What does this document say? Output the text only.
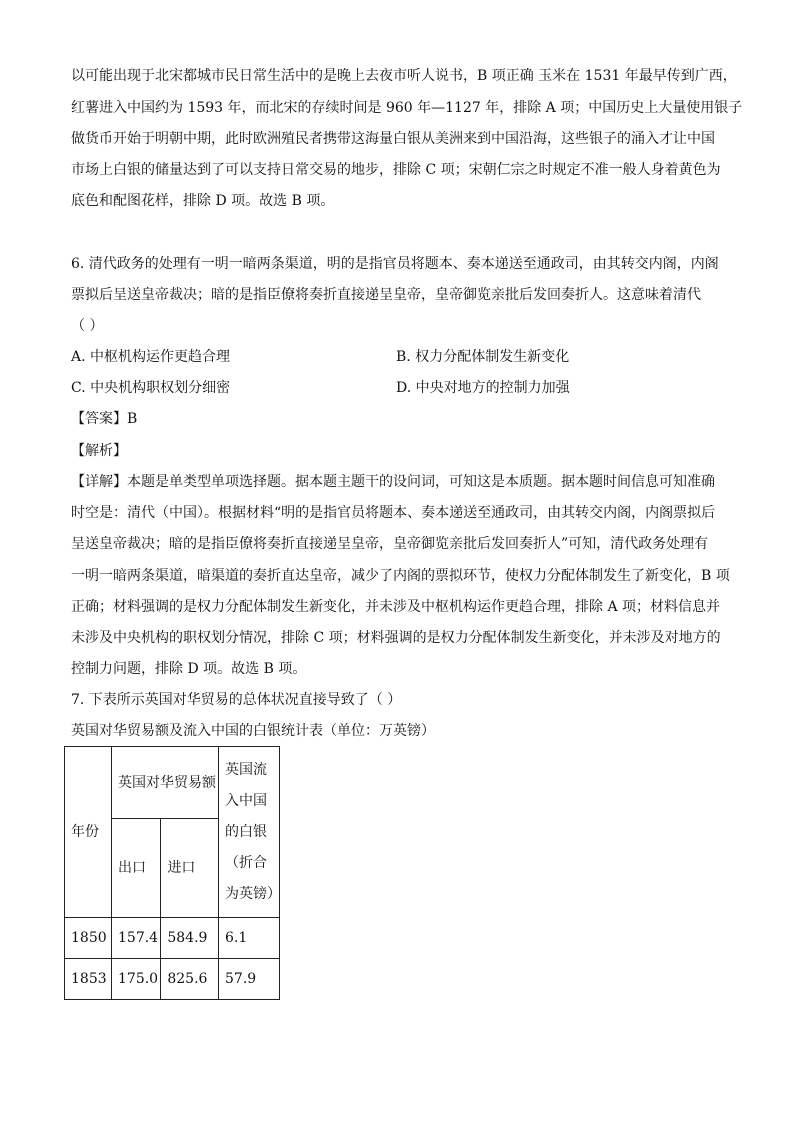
以可能出现于北宋都城市民日常生活中的是晚上去夜市听人说书，B 项正确 玉米在 1531 年最早传到广西，
红薯进入中国约为 1593 年，而北宋的存续时间是 960 年—1127 年，排除 A 项；中国历史上大量使用银子
做货币开始于明朝中期，此时欧洲殖民者携带这海量白银从美洲来到中国沿海，这些银子的涌入才让中国
市场上白银的储量达到了可以支持日常交易的地步，排除 C 项；宋朝仁宗之时规定不准一般人身着黄色为
底色和配图花样，排除 D 项。故选 B 项。
6. 清代政务的处理有一明一暗两条渠道，明的是指官员将题本、奏本递送至通政司，由其转交内阁，内阁
票拟后呈送皇帝裁决；暗的是指臣僚将奏折直接递呈皇帝，皇帝御览亲批后发回奏折人。这意味着清代
（ ）
A. 中枢机构运作更趋合理	B. 权力分配体制发生新变化
C. 中央机构职权划分细密	D. 中央对地方的控制力加强
【答案】B
【解析】
【详解】本题是单类型单项选择题。据本题主题干的设问词，可知这是本质题。据本题时间信息可知准确
时空是：清代（中国）。根据材料“明的是指官员将题本、奏本递送至通政司，由其转交内阁，内阁票拟后
呈送皇帝裁决；暗的是指臣僚将奏折直接递呈皇帝，皇帝御览亲批后发回奏折人”可知，清代政务处理有
一明一暗两条渠道，暗渠道的奏折直达皇帝，减少了内阁的票拟环节，使权力分配体制发生了新变化，B 项
正确；材料强调的是权力分配体制发生新变化，并未涉及中枢机构运作更趋合理，排除 A 项；材料信息并
未涉及中央机构的职权划分情况，排除 C 项；材料强调的是权力分配体制发生新变化，并未涉及对地方的
控制力问题，排除 D 项。故选 B 项。
7. 下表所示英国对华贸易的总体状况直接导致了（ ）
英国对华贸易额及流入中国的白银统计表（单位：万英镑）
年份	英国对华贸易额		英国流入中国的白银（折合为英镑）
	出口	进口	
1850	157.4	584.9	6.1
1853	175.0	825.6	57.9
